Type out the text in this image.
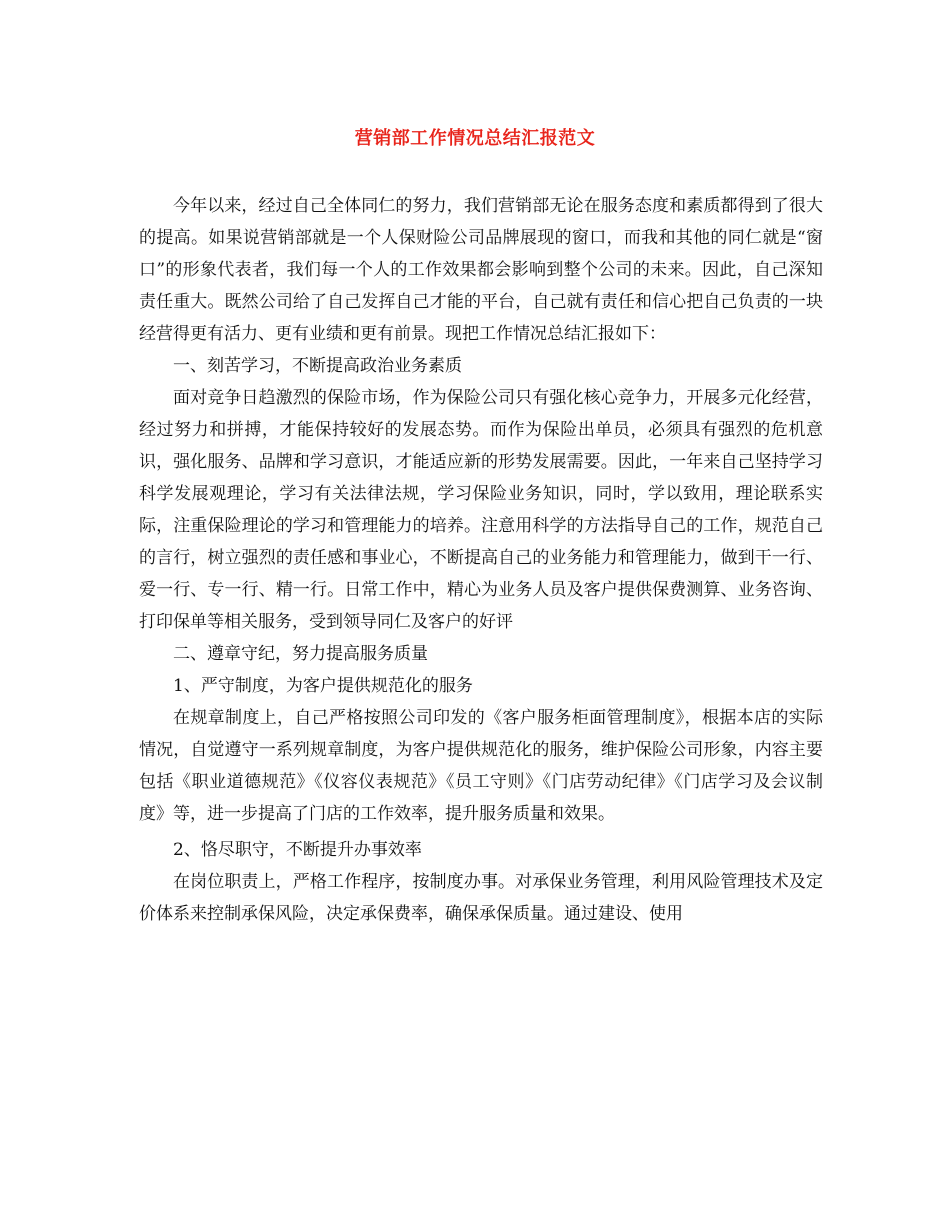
营销部工作情况总结汇报范文

今年以来，经过自己全体同仁的努力，我们营销部无论在服务态度和素质都得到了很大的提高。如果说营销部就是一个人保财险公司品牌展现的窗口，而我和其他的同仁就是“窗口”的形象代表者，我们每一个人的工作效果都会影响到整个公司的未来。因此，自己深知责任重大。既然公司给了自己发挥自己才能的平台，自己就有责任和信心把自己负责的一块经营得更有活力、更有业绩和更有前景。现把工作情况总结汇报如下：

一、刻苦学习，不断提高政治业务素质

面对竞争日趋激烈的保险市场，作为保险公司只有强化核心竞争力，开展多元化经营，经过努力和拼搏，才能保持较好的发展态势。而作为保险出单员，必须具有强烈的危机意识，强化服务、品牌和学习意识，才能适应新的形势发展需要。因此，一年来自己坚持学习科学发展观理论，学习有关法律法规，学习保险业务知识，同时，学以致用，理论联系实际，注重保险理论的学习和管理能力的培养。注意用科学的方法指导自己的工作，规范自己的言行，树立强烈的责任感和事业心，不断提高自己的业务能力和管理能力，做到干一行、爱一行、专一行、精一行。日常工作中，精心为业务人员及客户提供保费测算、业务咨询、打印保单等相关服务，受到领导同仁及客户的好评

二、遵章守纪，努力提高服务质量

1、严守制度，为客户提供规范化的服务

在规章制度上，自己严格按照公司印发的《客户服务柜面管理制度》，根据本店的实际情况，自觉遵守一系列规章制度，为客户提供规范化的服务，维护保险公司形象，内容主要包括《职业道德规范》《仪容仪表规范》《员工守则》《门店劳动纪律》《门店学习及会议制度》等，进一步提高了门店的工作效率，提升服务质量和效果。

2、恪尽职守，不断提升办事效率

在岗位职责上，严格工作程序，按制度办事。对承保业务管理，利用风险管理技术及定价体系来控制承保风险，决定承保费率，确保承保质量。通过建设、使用
